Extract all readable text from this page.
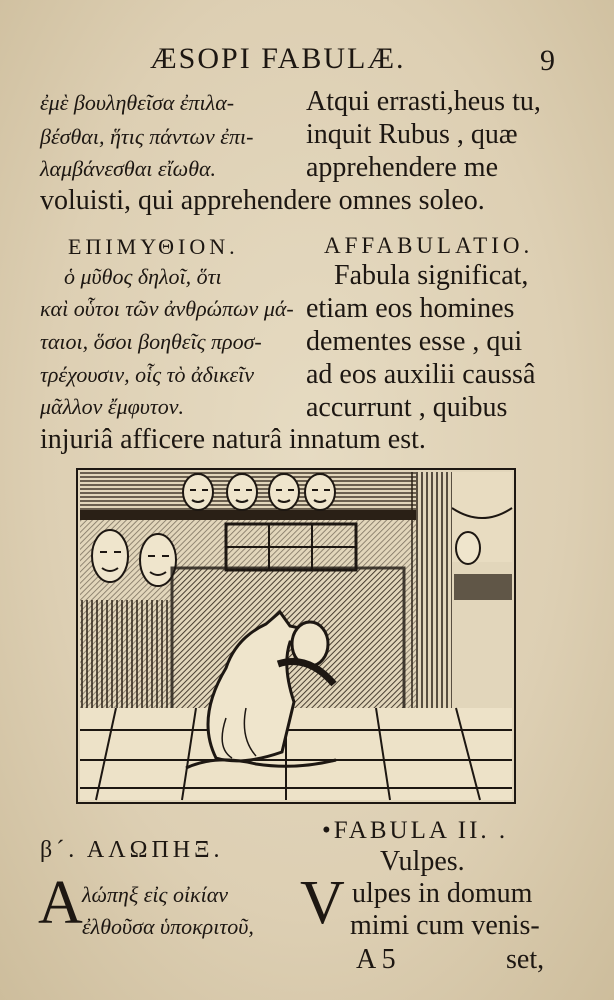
ÆSOPI FABULÆ.	9
ἐμὲ βουληθεῖσα ἐπιλα-
βέσθαι, ἥτις πάντων ἐπι-
λαμβάνεσθαι εἴωθα.
Atqui errasti,heus tu,
inquit Rubus , quæ
apprehendere me
voluisti, qui apprehendere omnes soleo.
ΕΠΙΜΥΘΙΟΝ.	AFFABULATIO.
ὁ μῦθος δηλοῖ, ὅτι
καὶ οὗτοι τῶν ἀνθρώπων μά-
ταιοι, ὅσοι βοηθεῖς προσ-
τρέχουσιν, οἷς τὸ ἀδικεῖν
μᾶλλον ἔμφυτον.
Fabula significat,
etiam eos homines
dementes esse , qui
ad eos auxilii caussâ
accurrunt , quibus
injuriâ afficere naturâ innatum est.
β´. ΑΛΩΠΗΞ.
•FABULA II. .
Vulpes.
Α λώπηξ εἰς οἰκίαν
ἐλθοῦσα ὑποκριτοῦ, V ulpes in domum
mimi cum venis-
A 5	set,
